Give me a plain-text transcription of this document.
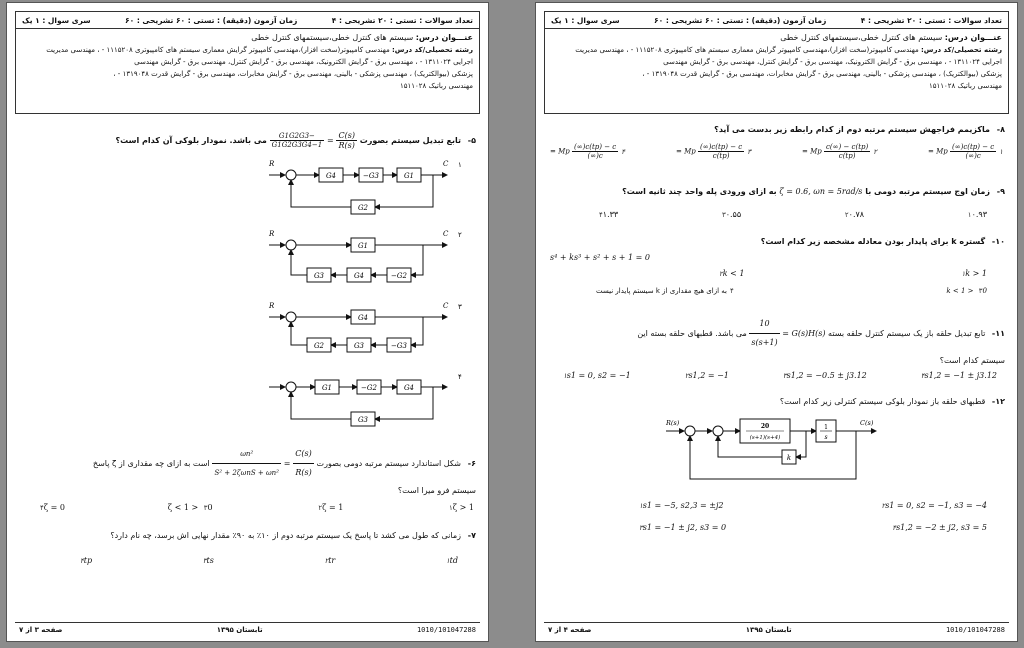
تعداد سوالات : تستی : ۲۰ تشریحی : ۴
زمان آزمون (دقیقه) : تستی : ۶۰ تشریحی : ۶۰
سری سوال : ۱ یک
عنـــوان درس: سیستم های کنترل خطی،سیستمهای کنترل خطی
رشته تحصیلی/کد درس: مهندسی کامپیوتر(سخت افزار)،مهندسی کامپیوتر گرایش معماری سیستم های کامپیوتری ۱۱۱۵۲۰۸ - ، مهندسی مدیریت
اجرایی ۱۳۱۱۰۲۴ - ، مهندسی برق - گرایش الکترونیک، مهندسی برق - گرایش کنترل، مهندسی برق - گرایش مهندسی
پزشکی (بیوالکتریک) ، مهندسی پزشکی - بالینی، مهندسی برق - گرایش مخابرات، مهندسی برق - گرایش قدرت ۱۳۱۹۰۴۸ - ،
مهندسی رباتیک ۱۵۱۱۰۲۸
۵- تابع تبدیل سیستم بصورت
$\frac{C(s)}{R(s)}$
=
$\frac{-G1G2G3}{1-G1G2G3G4}$
می باشد. نمودار بلوکی آن کدام است؟
R
G4	−G3	G1
C
G2
۱
R
G1
C
−G2
G4
G3
۲
R
G4
C
−G3
G3
G2
۳
G1	−G2	G4
G3
۴
۶- شکل استاندارد سیستم مرتبه دومی بصورت
$\frac{C(s)}{R(s)}$
=
$\frac{\text{ωn²}}{\text{S² + 2ζωnS + ωn²}}$
است به ازای چه مقداری از ζ پاسخ
سیستم فرو میرا است؟
۱ζ > 1
۲ζ = 1
۳0 < ζ < 1
۴ζ = 0
۷- زمانی که طول می کشد تا پاسخ یک سیستم مرتبه دوم از ۱۰٪ به ۹۰٪ مقدار نهایی اش برسد، چه نام دارد؟
۱td
۲tr
۳ts
۴tp
صفحه ۳ از ۷	تابستان ۱۳۹۵	1010/101047288
تعداد سوالات : تستی : ۲۰ تشریحی : ۴
زمان آزمون (دقیقه) : تستی : ۶۰ تشریحی : ۶۰
سری سوال : ۱ یک
عنـــوان درس: سیستم های کنترل خطی،سیستمهای کنترل خطی
رشته تحصیلی/کد درس: مهندسی کامپیوتر(سخت افزار)،مهندسی کامپیوتر گرایش معماری سیستم های کامپیوتری ۱۱۱۵۲۰۸ - ، مهندسی مدیریت
اجرایی ۱۳۱۱۰۲۴ - ، مهندسی برق - گرایش الکترونیک، مهندسی برق - گرایش کنترل، مهندسی برق - گرایش مهندسی
پزشکی (بیوالکتریک) ، مهندسی پزشکی - بالینی، مهندسی برق - گرایش مخابرات، مهندسی برق - گرایش قدرت ۱۳۱۹۰۴۸ - ،
مهندسی رباتیک ۱۵۱۱۰۲۸
۸- ماکزیمم فراجهش سیستم مرتبه دوم از کدام رابطه زیر بدست می آید؟
۱
$\frac{c(tp) - c(\infty)}{c(\infty)}$
Mp =
۲
$\frac{c(\infty) - c(tp)}{c(tp)}$
Mp =
۳
$\frac{c(tp) - c(\infty)}{c(tp)}$
Mp =
۴
$\frac{c(tp) - c(\infty)}{c(\infty)}$
Mp =
۹- زمان اوج سیستم مرتبه دومی با ζ = 0.6, ωn = 5rad/s به ازای ورودی پله واحد چند ثانیه است؟
۱۰.۹۳
۲۰.۷۸
۳۰.۵۵
۴۱.۳۳
۱۰- گستره k برای پایدار بودن معادله مشخصه زیر کدام است؟
s⁴ + ks³ + s² + s + 1 = 0
۱k > 1
۲k < 1
۳0 < k < 1
۴به ازای هیچ مقداری از k سیستم پایدار نیست
۱۱- تابع تبدیل حلقه باز یک سیستم کنترل حلقه بسته G(s)H(s) =
$\frac{10}{s(s+1)}$
می باشد. قطبهای حلقه بسته این
سیستم کدام است؟
۴s1,2 = −1 ± j3.12
۳s1,2 = −0.5 ± j3.12
۲s1,2 = −1
۱s1 = 0, s2 = −1
۱۲- قطبهای حلقه باز نمودار بلوکی سیستم کنترلی زیر کدام است؟
R(s)	20
(s+1)(s+4)
1
s
C(s)
k
۲s1 = 0, s2 = −1, s3 = −4
۱s1 = −5, s2,3 = ±j2
۴s1,2 = −2 ± j2, s3 = 5
۳s1 = −1 ± j2, s3 = 0
صفحه ۴ از ۷	تابستان ۱۳۹۵	1010/101047288
